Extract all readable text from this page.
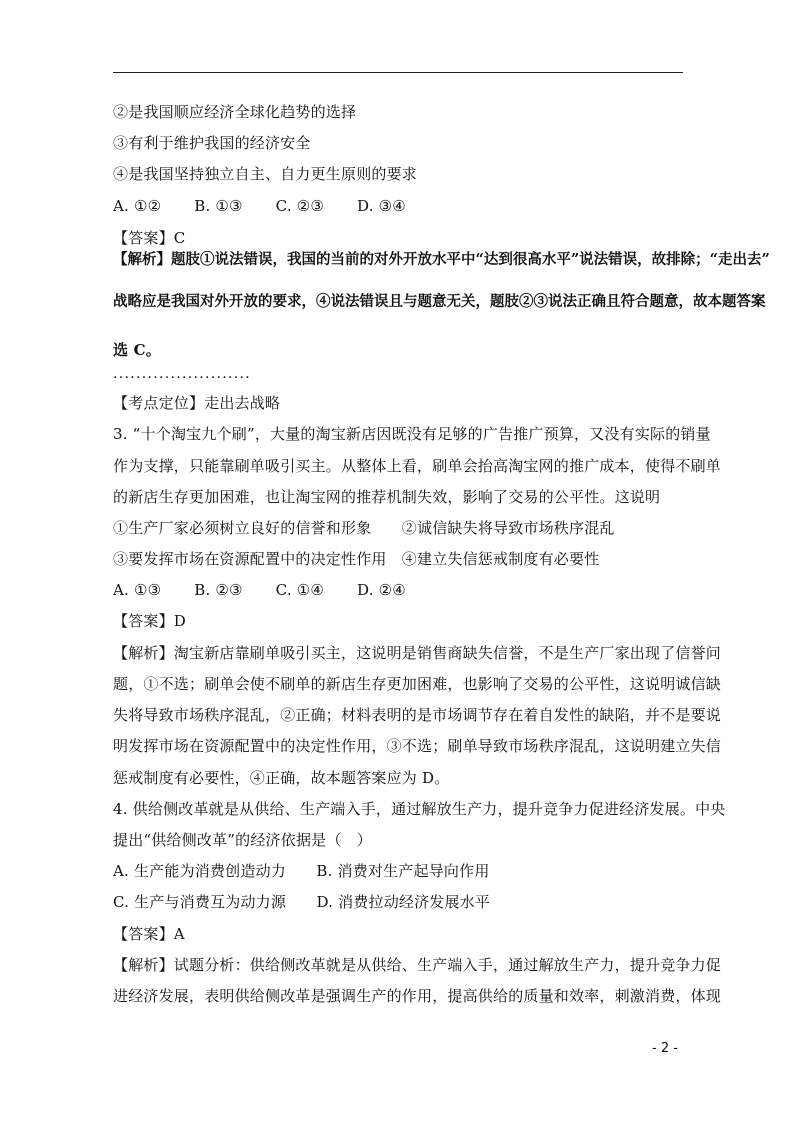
②是我国顺应经济全球化趋势的选择
③有利于维护我国的经济安全
④是我国坚持独立自主、自力更生原则的要求
A. ①② B. ①③ C. ②③ D. ③④
【答案】C
【解析】题肢①说法错误，我国的当前的对外开放水平中“达到很高水平”说法错误，故排除；“走出去”
战略应是我国对外开放的要求，④说法错误且与题意无关，题肢②③说法正确且符合题意，故本题答案
选 C。
........................
【考点定位】走出去战略
3. “十个淘宝九个刷”，大量的淘宝新店因既没有足够的广告推广预算，又没有实际的销量
作为支撑，只能靠刷单吸引买主。从整体上看，刷单会抬高淘宝网的推广成本，使得不刷单
的新店生存更加困难，也让淘宝网的推荐机制失效，影响了交易的公平性。这说明
①生产厂家必须树立良好的信誉和形象　　②诚信缺失将导致市场秩序混乱
③要发挥市场在资源配置中的决定性作用　④建立失信惩戒制度有必要性
A. ①③ B. ②③ C. ①④ D. ②④
【答案】D
【解析】淘宝新店靠刷单吸引买主，这说明是销售商缺失信誉，不是生产厂家出现了信誉问
题，①不选；刷单会使不刷单的新店生存更加困难，也影响了交易的公平性，这说明诚信缺
失将导致市场秩序混乱，②正确；材料表明的是市场调节存在着自发性的缺陷，并不是要说
明发挥市场在资源配置中的决定性作用，③不选；刷单导致市场秩序混乱，这说明建立失信
惩戒制度有必要性，④正确，故本题答案应为 D。
4. 供给侧改革就是从供给、生产端入手，通过解放生产力，提升竞争力促进经济发展。中央
提出“供给侧改革”的经济依据是（　）
A. 生产能为消费创造动力　　B. 消费对生产起导向作用
C. 生产与消费互为动力源　　D. 消费拉动经济发展水平
【答案】A
【解析】试题分析：供给侧改革就是从供给、生产端入手，通过解放生产力，提升竞争力促
进经济发展，表明供给侧改革是强调生产的作用，提高供给的质量和效率，刺激消费，体现
- 2 -
